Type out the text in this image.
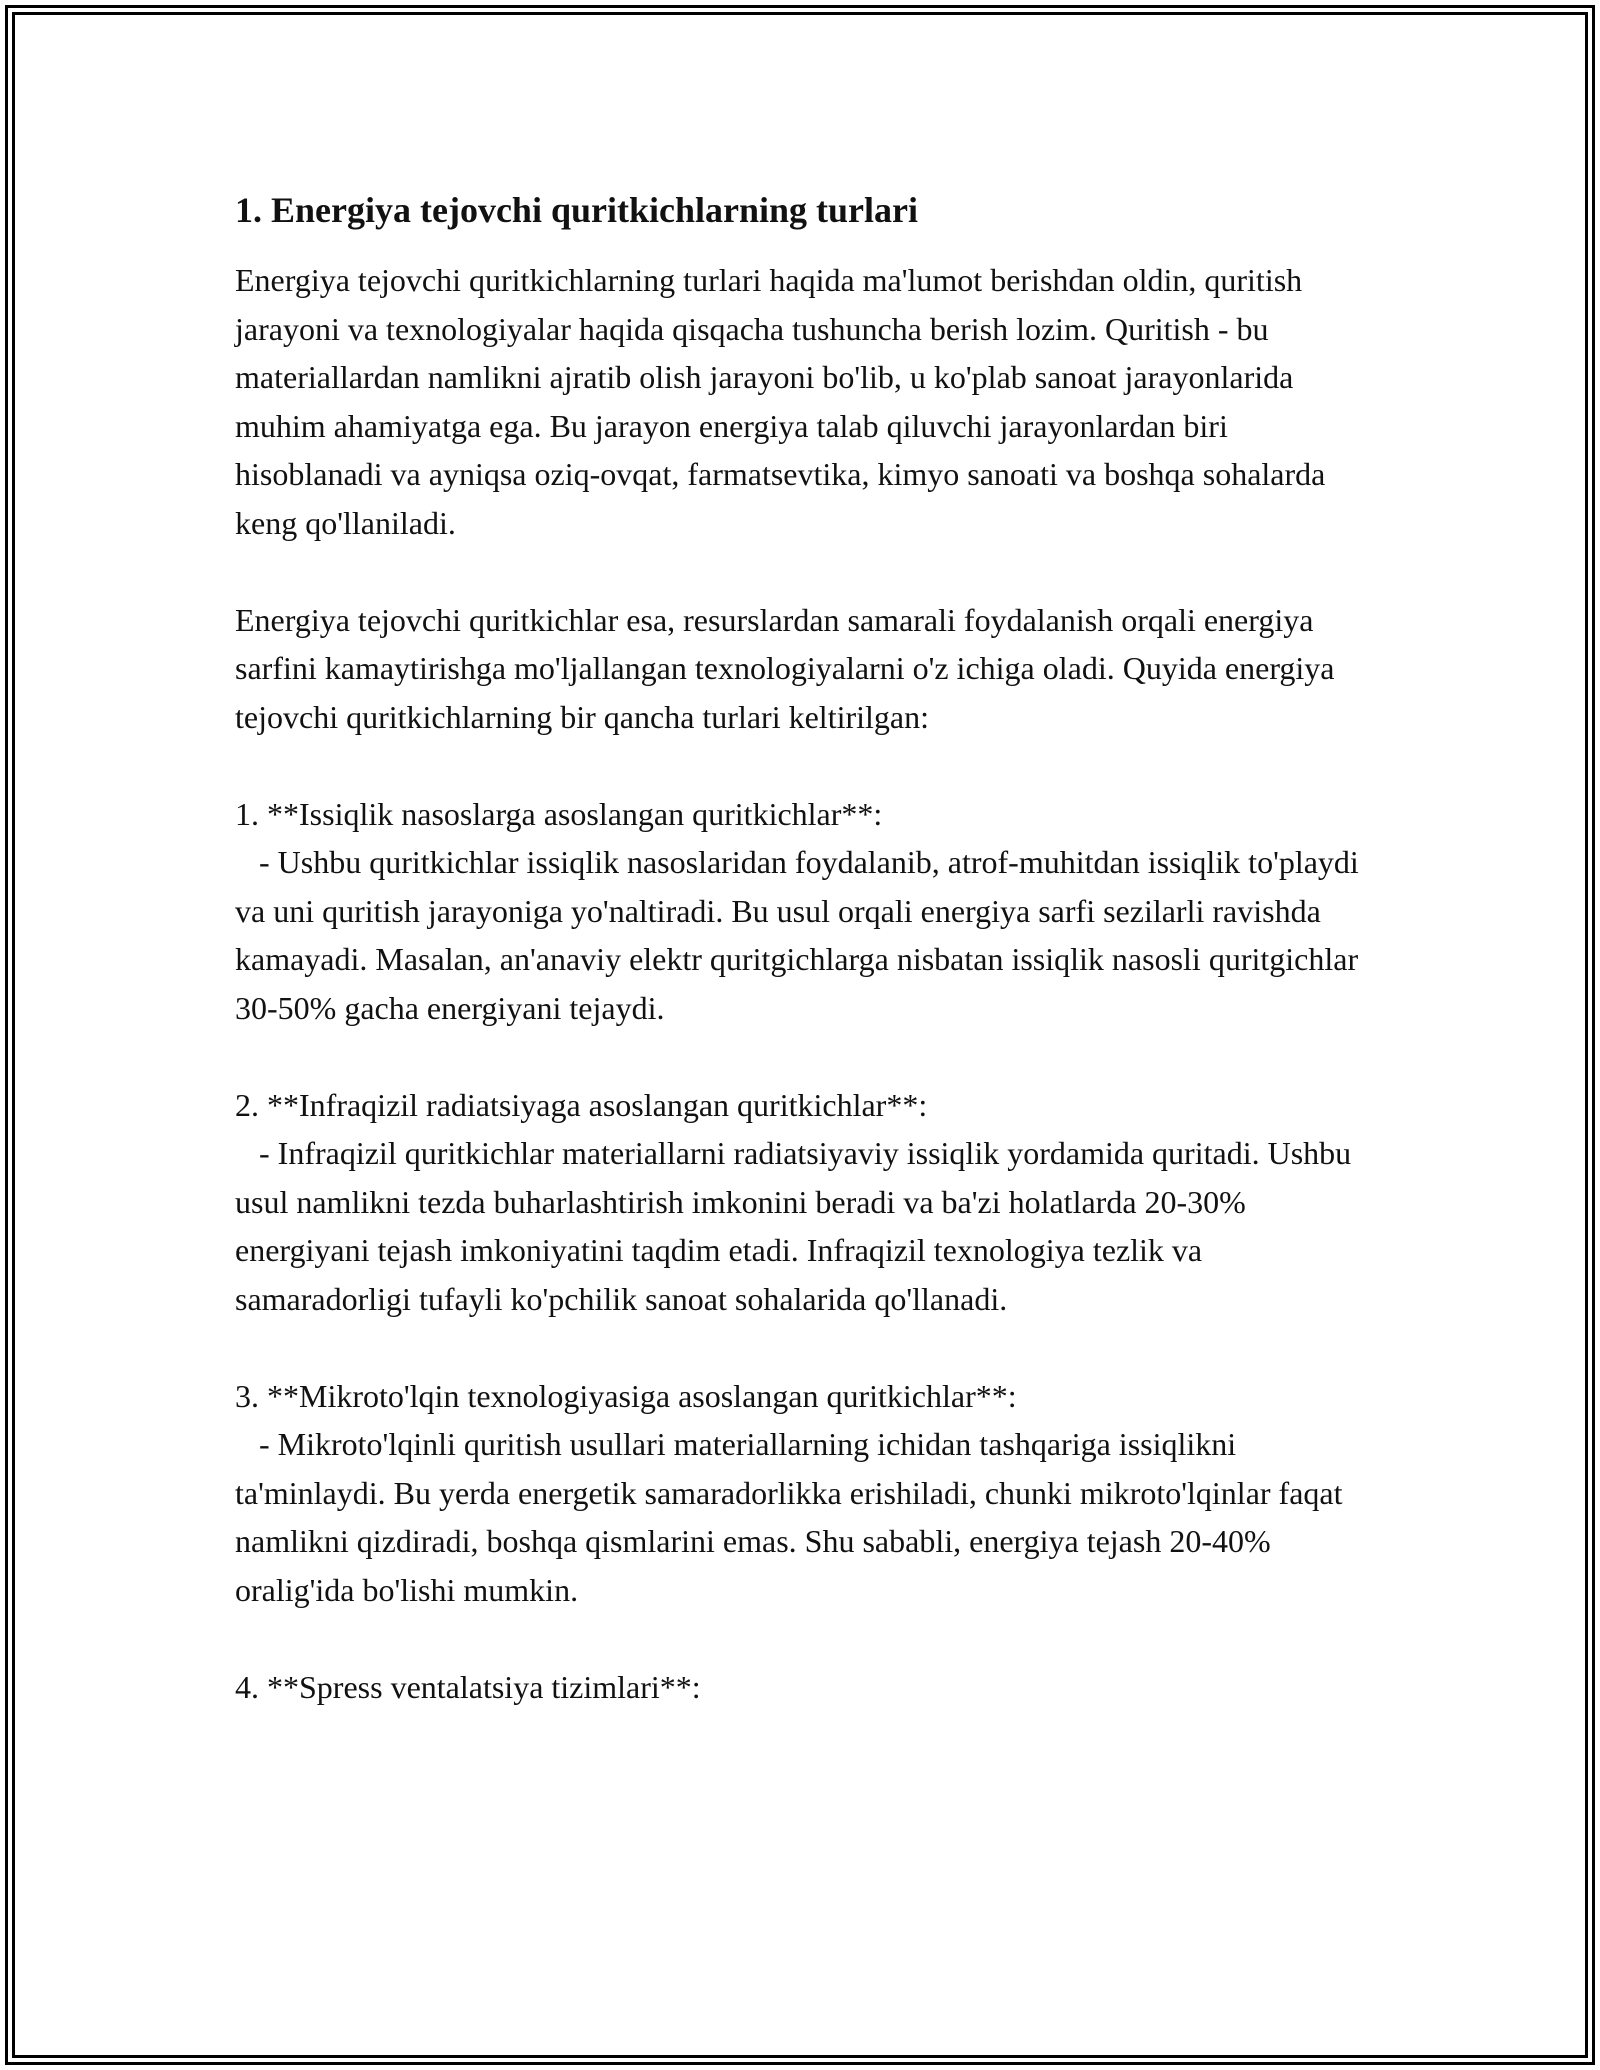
1. Energiya tejovchi quritkichlarning turlari

Energiya tejovchi quritkichlarning turlari haqida ma'lumot berishdan oldin, quritish jarayoni va texnologiyalar haqida qisqacha tushuncha berish lozim. Quritish - bu materiallardan namlikni ajratib olish jarayoni bo'lib, u ko'plab sanoat jarayonlarida muhim ahamiyatga ega. Bu jarayon energiya talab qiluvchi jarayonlardan biri hisoblanadi va ayniqsa oziq-ovqat, farmatsevtika, kimyo sanoati va boshqa sohalarda keng qo'llaniladi.

Energiya tejovchi quritkichlar esa, resurslardan samarali foydalanish orqali energiya sarfini kamaytirishga mo'ljallangan texnologiyalarni o'z ichiga oladi. Quyida energiya tejovchi quritkichlarning bir qancha turlari keltirilgan:

1. **Issiqlik nasoslarga asoslangan quritkichlar**:
- Ushbu quritkichlar issiqlik nasoslaridan foydalanib, atrof-muhitdan issiqlik to'playdi va uni quritish jarayoniga yo'naltiradi. Bu usul orqali energiya sarfi sezilarli ravishda kamayadi. Masalan, an'anaviy elektr quritgichlarga nisbatan issiqlik nasosli quritgichlar 30-50% gacha energiyani tejaydi.

2. **Infraqizil radiatsiyaga asoslangan quritkichlar**:
- Infraqizil quritkichlar materiallarni radiatsiyaviy issiqlik yordamida quritadi. Ushbu usul namlikni tezda buharlashtirish imkonini beradi va ba'zi holatlarda 20-30% energiyani tejash imkoniyatini taqdim etadi. Infraqizil texnologiya tezlik va samaradorligi tufayli ko'pchilik sanoat sohalarida qo'llanadi.

3. **Mikroto'lqin texnologiyasiga asoslangan quritkichlar**:
- Mikroto'lqinli quritish usullari materiallarning ichidan tashqariga issiqlikni ta'minlaydi. Bu yerda energetik samaradorlikka erishiladi, chunki mikroto'lqinlar faqat namlikni qizdiradi, boshqa qismlarini emas. Shu sababli, energiya tejash 20-40% oralig'ida bo'lishi mumkin.

4. **Spress ventalatsiya tizimlari**:
